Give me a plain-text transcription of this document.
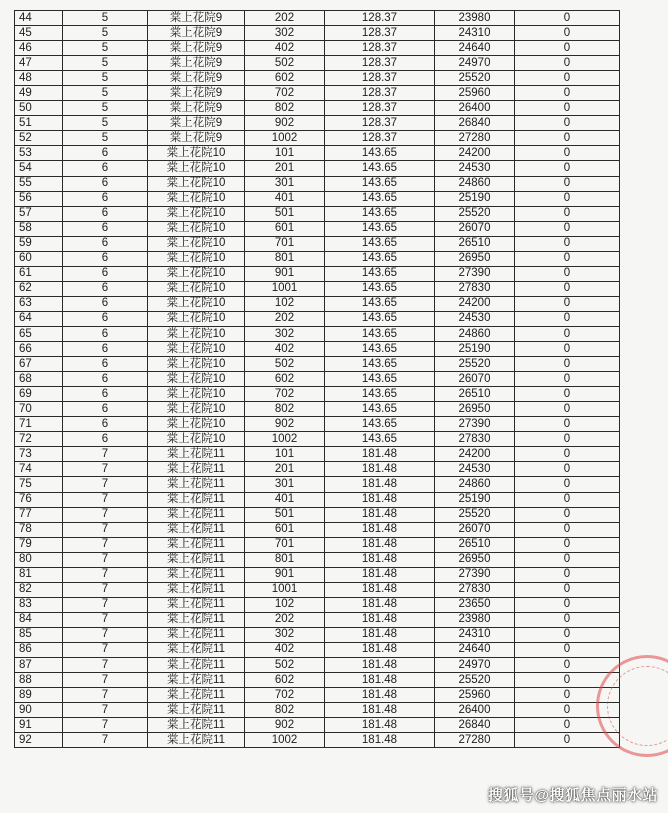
44	5	棠上花院9	202	128.37	23980	0
45	5	棠上花院9	302	128.37	24310	0
46	5	棠上花院9	402	128.37	24640	0
47	5	棠上花院9	502	128.37	24970	0
48	5	棠上花院9	602	128.37	25520	0
49	5	棠上花院9	702	128.37	25960	0
50	5	棠上花院9	802	128.37	26400	0
51	5	棠上花院9	902	128.37	26840	0
52	5	棠上花院9	1002	128.37	27280	0
53	6	棠上花院10	101	143.65	24200	0
54	6	棠上花院10	201	143.65	24530	0
55	6	棠上花院10	301	143.65	24860	0
56	6	棠上花院10	401	143.65	25190	0
57	6	棠上花院10	501	143.65	25520	0
58	6	棠上花院10	601	143.65	26070	0
59	6	棠上花院10	701	143.65	26510	0
60	6	棠上花院10	801	143.65	26950	0
61	6	棠上花院10	901	143.65	27390	0
62	6	棠上花院10	1001	143.65	27830	0
63	6	棠上花院10	102	143.65	24200	0
64	6	棠上花院10	202	143.65	24530	0
65	6	棠上花院10	302	143.65	24860	0
66	6	棠上花院10	402	143.65	25190	0
67	6	棠上花院10	502	143.65	25520	0
68	6	棠上花院10	602	143.65	26070	0
69	6	棠上花院10	702	143.65	26510	0
70	6	棠上花院10	802	143.65	26950	0
71	6	棠上花院10	902	143.65	27390	0
72	6	棠上花院10	1002	143.65	27830	0
73	7	棠上花院11	101	181.48	24200	0
74	7	棠上花院11	201	181.48	24530	0
75	7	棠上花院11	301	181.48	24860	0
76	7	棠上花院11	401	181.48	25190	0
77	7	棠上花院11	501	181.48	25520	0
78	7	棠上花院11	601	181.48	26070	0
79	7	棠上花院11	701	181.48	26510	0
80	7	棠上花院11	801	181.48	26950	0
81	7	棠上花院11	901	181.48	27390	0
82	7	棠上花院11	1001	181.48	27830	0
83	7	棠上花院11	102	181.48	23650	0
84	7	棠上花院11	202	181.48	23980	0
85	7	棠上花院11	302	181.48	24310	0
86	7	棠上花院11	402	181.48	24640	0
87	7	棠上花院11	502	181.48	24970	0
88	7	棠上花院11	602	181.48	25520	0
89	7	棠上花院11	702	181.48	25960	0
90	7	棠上花院11	802	181.48	26400	0
91	7	棠上花院11	902	181.48	26840	0
92	7	棠上花院11	1002	181.48	27280	0
搜狐号@搜狐焦点丽水站
